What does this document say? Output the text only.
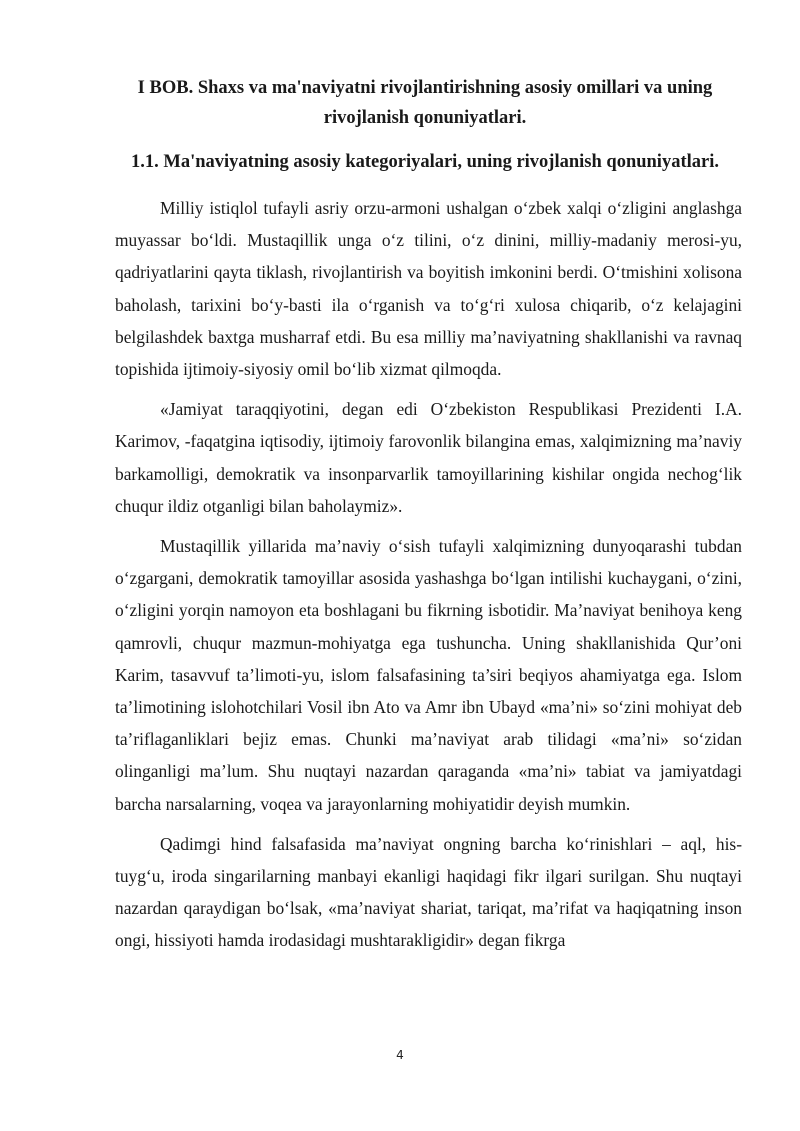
I BOB. Shaxs va ma'naviyatni rivojlantirishning asosiy omillari va uning rivojlanish qonuniyatlari.
1.1. Ma'naviyatning asosiy kategoriyalari, uning rivojlanish qonuniyatlari.

Milliy istiqlol tufayli asriy orzu-armoni ushalgan o‘zbek xalqi o‘zligini anglashga muyassar bo‘ldi. Mustaqillik unga o‘z tilini, o‘z dinini, milliy-madaniy merosi-yu, qadriyatlarini qayta tiklash, rivojlantirish va boyitish imkonini berdi. O‘tmishini xolisona baholash, tarixini bo‘y-basti ila o‘rganish va to‘g‘ri xulosa chiqarib, o‘z kelajagini belgilashdek baxtga musharraf etdi. Bu esa milliy ma’naviyatning shakllanishi va ravnaq topishida ijtimoiy-siyosiy omil bo‘lib xizmat qilmoqda.

«Jamiyat taraqqiyotini, degan edi O‘zbekiston Respublikasi Prezidenti I.A. Karimov, -faqatgina iqtisodiy, ijtimoiy farovonlik bilangina emas, xalqimizning ma’naviy barkamolligi, demokratik va insonparvarlik tamoyillarining kishilar ongida nechog‘lik chuqur ildiz otganligi bilan baholaymiz».

Mustaqillik yillarida ma’naviy o‘sish tufayli xalqimizning dunyoqarashi tubdan o‘zgargani, demokratik tamoyillar asosida yashashga bo‘lgan intilishi kuchaygani, o‘zini, o‘zligini yorqin namoyon eta boshlagani bu fikrning isbotidir. Ma’naviyat benihoya keng qamrovli, chuqur mazmun-mohiyatga ega tushuncha. Uning shakllanishida Qur’oni Karim, tasavvuf ta’limoti-yu, islom falsafasining ta’siri beqiyos ahamiyatga ega. Islom ta’limotining islohotchilari Vosil ibn Ato va Amr ibn Ubayd «ma’ni» so‘zini mohiyat deb ta’riflaganliklari bejiz emas. Chunki ma’naviyat arab tilidagi «ma’ni» so‘zidan olinganligi ma’lum. Shu nuqtayi nazardan qaraganda «ma’ni» tabiat va jamiyatdagi barcha narsalarning, voqea va jarayonlarning mohiyatidir deyish mumkin.

Qadimgi hind falsafasida ma’naviyat ongning barcha ko‘rinishlari – aql, his-tuyg‘u, iroda singarilarning manbayi ekanligi haqidagi fikr ilgari surilgan. Shu nuqtayi nazardan qaraydigan bo‘lsak, «ma’naviyat shariat, tariqat, ma’rifat va haqiqatning inson ongi, hissiyoti hamda irodasidagi mushtarakligidir» degan fikrga

4
